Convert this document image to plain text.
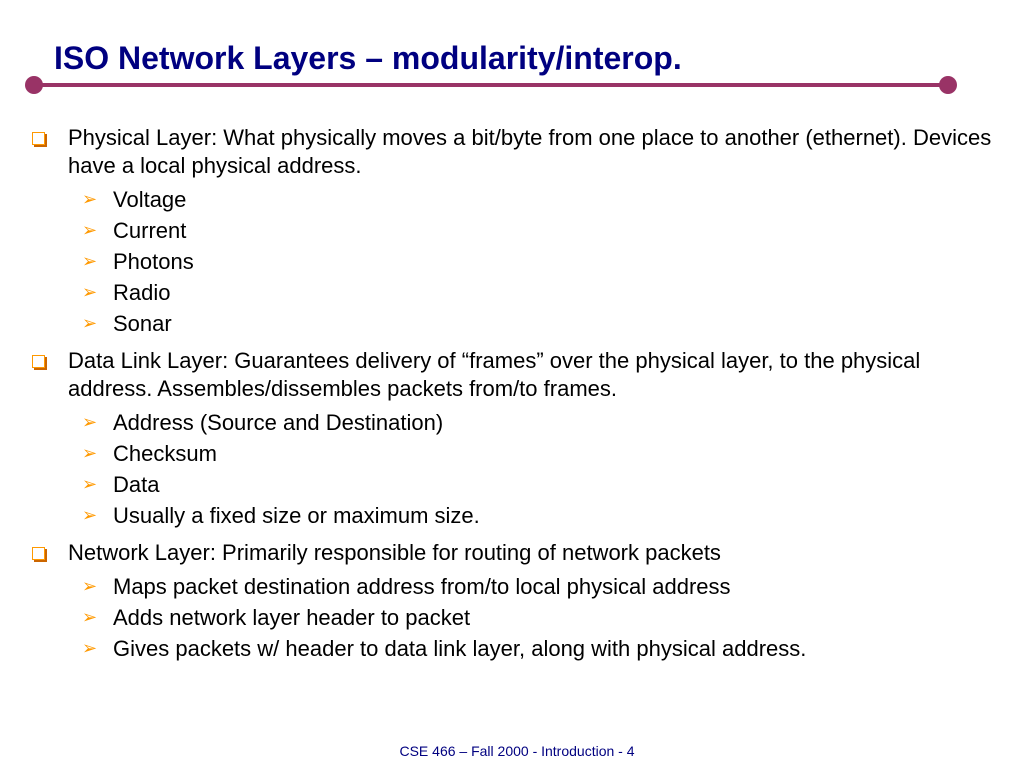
ISO Network Layers – modularity/interop.
Physical Layer: What physically moves a bit/byte from one place to another (ethernet). Devices have a local physical address.
➢ Voltage
➢ Current
➢ Photons
➢ Radio
➢ Sonar
Data Link Layer: Guarantees delivery of “frames” over the physical layer, to the physical address. Assembles/dissembles packets from/to frames.
➢ Address (Source and Destination)
➢ Checksum
➢ Data
➢ Usually a fixed size or maximum size.
Network Layer: Primarily responsible for routing of network packets
➢ Maps packet destination address from/to local physical address
➢ Adds network layer header to packet
➢ Gives packets w/ header to data link layer, along with physical address.
CSE 466 – Fall 2000 - Introduction - 4
